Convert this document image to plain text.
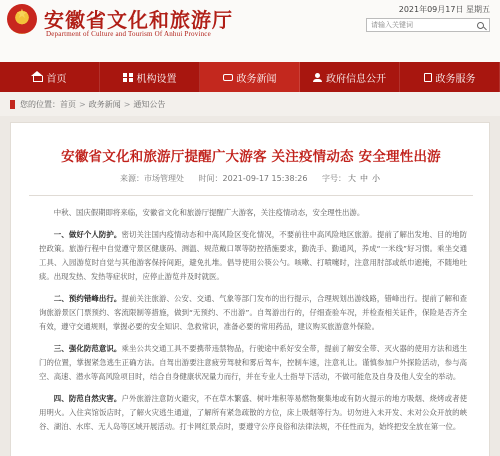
★
安徽省文化和旅游厅
Department of Culture and Tourism Of Anhui Province
2021年09月17日 星期五
请输入关键词
首页	机构设置	政务新闻	政府信息公开	政务服务
您的位置： 首页 > 政务新闻 > 通知公告
安徽省文化和旅游厅提醒广大游客 关注疫情动态 安全理性出游
来源：市场管理处 时间：2021-09-17 15:38:26 字号： 大 中 小

中秋、国庆假期即将来临，安徽省文化和旅游厅提醒广大游客，关注疫情动态，安全理性出游。

一、做好个人防护。密切关注国内疫情动态和中高风险区变化情况，不要前往中高风险地区旅游。提前了解出发地、目的地防控政策。旅游行程中自觉遵守景区健康码、测温、规范戴口罩等防控措施要求，勤洗手、勤通风，养成“一米线”好习惯。乘坐交通工具、入园游览时自觉与其他游客保持间距，避免扎堆。倡导使用公筷公勺。咳嗽、打喷嚏时，注意用肘部或纸巾遮掩，不随地吐痰。出现发热、发热等症状时，应停止游览并及时就医。

二、预约错峰出行。提前关注旅游、公安、交通、气象等部门发布的出行提示，合理规划出游线路，错峰出行。提前了解和查询旅游景区门票预约、客流限制等措施，做到“无预约、不出游”。自驾游出行的，仔细查验车况，并检查相关证件，保险是否齐全有效，遵守交通规则，掌握必要的安全知识、急救常识，准备必要的常用药品，建议购买旅游意外保险。

三、强化防范意识。乘坐公共交通工具不要携带违禁物品，行驶途中系好安全带，提前了解安全带、灭火器的使用方法和逃生门的位置，掌握紧急逃生正确方法。自驾出游要注意疲劳驾驶和雾后驾车，控制车速，注意礼让。谨慎参加户外探险活动，参与高空、高速、潜水等高风险项目时，结合自身健康状况量力而行，并在专业人士指导下活动，不做可能危及自身及他人安全的举动。

四、防范自然灾害。户外旅游注意防火避灾，不在草木繁盛、树叶堆积等易燃物聚集地或有防火提示的地方吸烟、烧烤或者使用明火。入住宾馆饭店时，了解火灾逃生通道，了解所有紧急疏散的方位，床上吸烟等行为。切勿进入未开发、未对公众开放的峡谷、湖泊、水库、无人岛等区域开展活动。打卡网红景点时，要遵守公序良俗和法律法规，不任性而为，始终把安全放在第一位。
